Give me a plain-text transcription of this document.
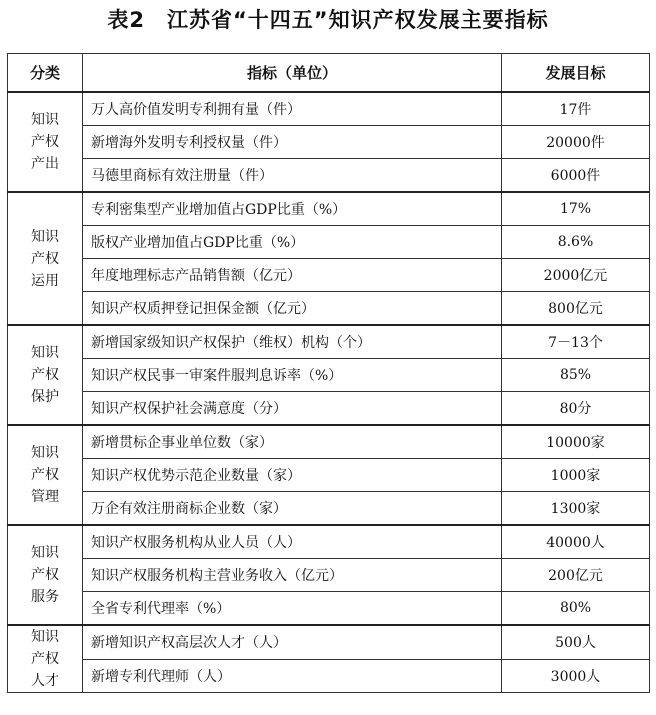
表2　江苏省“十四五”知识产权发展主要指标
分类	指标（单位）	发展目标

知识
产权
产出	万人高价值发明专利拥有量（件）	17件
	新增海外发明专利授权量（件）	20000件
	马德里商标有效注册量（件）	6000件

知识
产权
运用	专利密集型产业增加值占GDP比重（%）	17%
	版权产业增加值占GDP比重（%）	8.6%
	年度地理标志产品销售额（亿元）	2000亿元
	知识产权质押登记担保金额（亿元）	800亿元

知识
产权
保护	新增国家级知识产权保护（维权）机构（个）	7－13个
	知识产权民事一审案件服判息诉率（%）	85%
	知识产权保护社会满意度（分）	80分

知识
产权
管理	新增贯标企事业单位数（家）	10000家
	知识产权优势示范企业数量（家）	1000家
	万企有效注册商标企业数（家）	1300家

知识
产权
服务	知识产权服务机构从业人员（人）	40000人
	知识产权服务机构主营业务收入（亿元）	200亿元
	全省专利代理率（%）	80%

知识
产权
人才	新增知识产权高层次人才（人）	500人
	新增专利代理师（人）	3000人
